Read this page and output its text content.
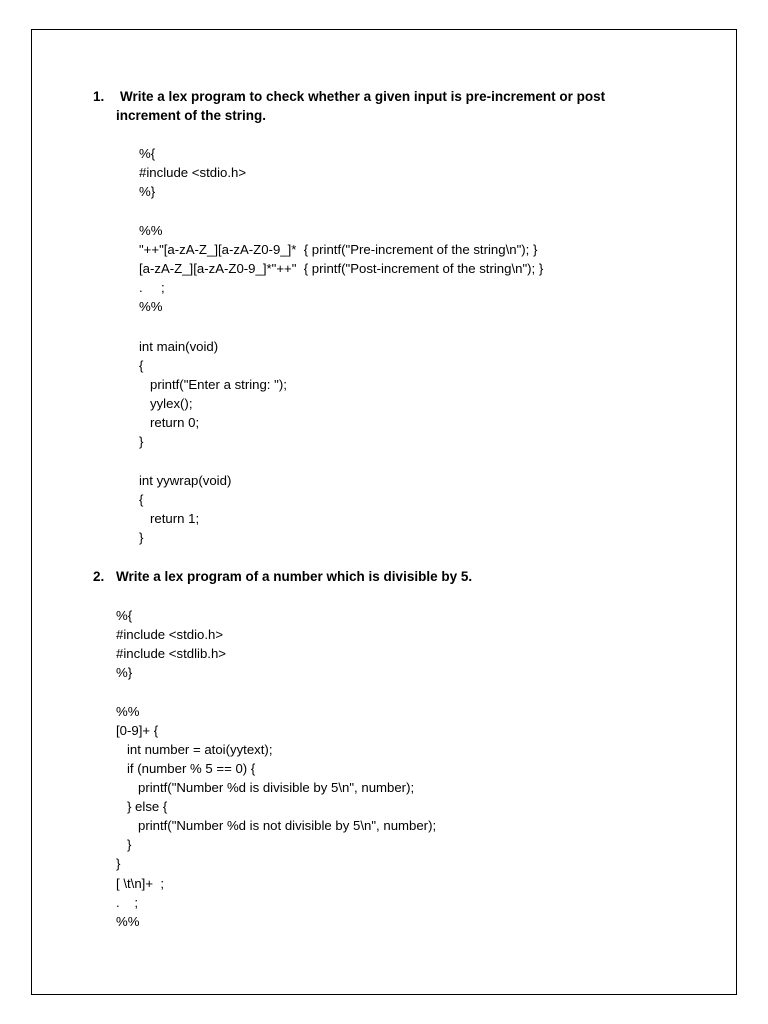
1. Write a lex program to check whether a given input is pre-increment or post
increment of the string.
%{
#include <stdio.h>
%}
%%
"++"[a-zA-Z_][a-zA-Z0-9_]*  { printf("Pre-increment of the string\n"); }
[a-zA-Z_][a-zA-Z0-9_]*"++"  { printf("Post-increment of the string\n"); }
.     ;
%%
int main(void)
{
printf("Enter a string: ");
yylex();
return 0;
}
int yywrap(void)
{
return 1;
}
2. Write a lex program of a number which is divisible by 5.
%{
#include <stdio.h>
#include <stdlib.h>
%}
%%
[0-9]+ {
int number = atoi(yytext);
if (number % 5 == 0) {
printf("Number %d is divisible by 5\n", number);
} else {
printf("Number %d is not divisible by 5\n", number);
}
}
[ \t\n]+  ;
.    ;
%%
